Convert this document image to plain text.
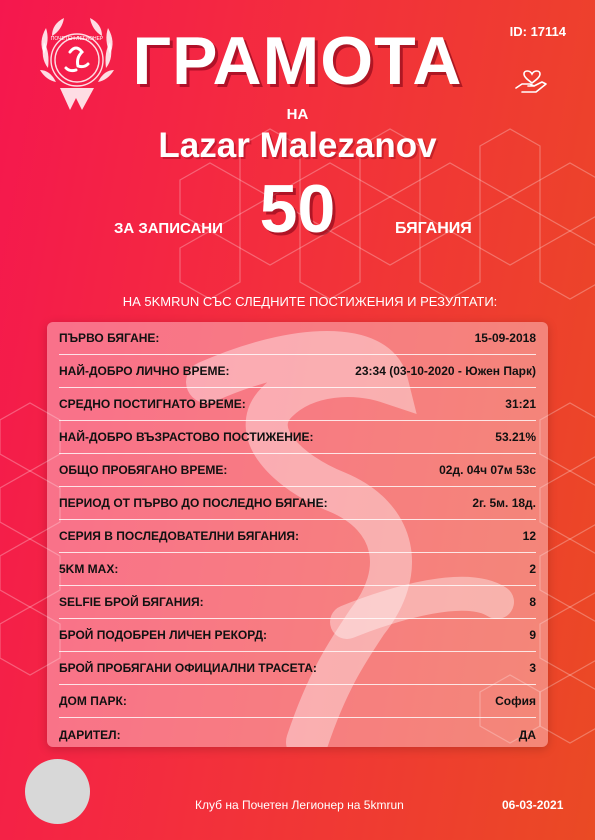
ПОЧЕТЕН ЛЕГИОНЕР	ID: 17114
ГРАМОТА
НА
Lazar Malezanov
ЗА ЗАПИСАНИ 50	БЯГАНИЯ
НА 5KMRUN СЪС СЛЕДНИТЕ ПОСТИЖЕНИЯ И РЕЗУЛТАТИ:
ПЪРВО БЯГАНЕ:	15-09-2018
НАЙ-ДОБРО ЛИЧНО ВРЕМЕ:	23:34 (03-10-2020 - Южен Парк)
СРЕДНО ПОСТИГНАТО ВРЕМЕ:	31:21
НАЙ-ДОБРО ВЪЗРАСТОВО ПОСТИЖЕНИЕ:	53.21%
ОБЩО ПРОБЯГАНО ВРЕМЕ:	02д. 04ч 07м 53с
ПЕРИОД ОТ ПЪРВО ДО ПОСЛЕДНО БЯГАНЕ:	2г. 5м. 18д.
СЕРИЯ В ПОСЛЕДОВАТЕЛНИ БЯГАНИЯ:	12
5KM MAX:	2
SELFIE БРОЙ БЯГАНИЯ:	8
БРОЙ ПОДОБРЕН ЛИЧЕН РЕКОРД:	9
БРОЙ ПРОБЯГАНИ ОФИЦИАЛНИ ТРАСЕТА:	3
ДОМ ПАРК:	София
ДАРИТЕЛ:	ДА
Клуб на Почетен Легионер на 5kmrun	06-03-2021
